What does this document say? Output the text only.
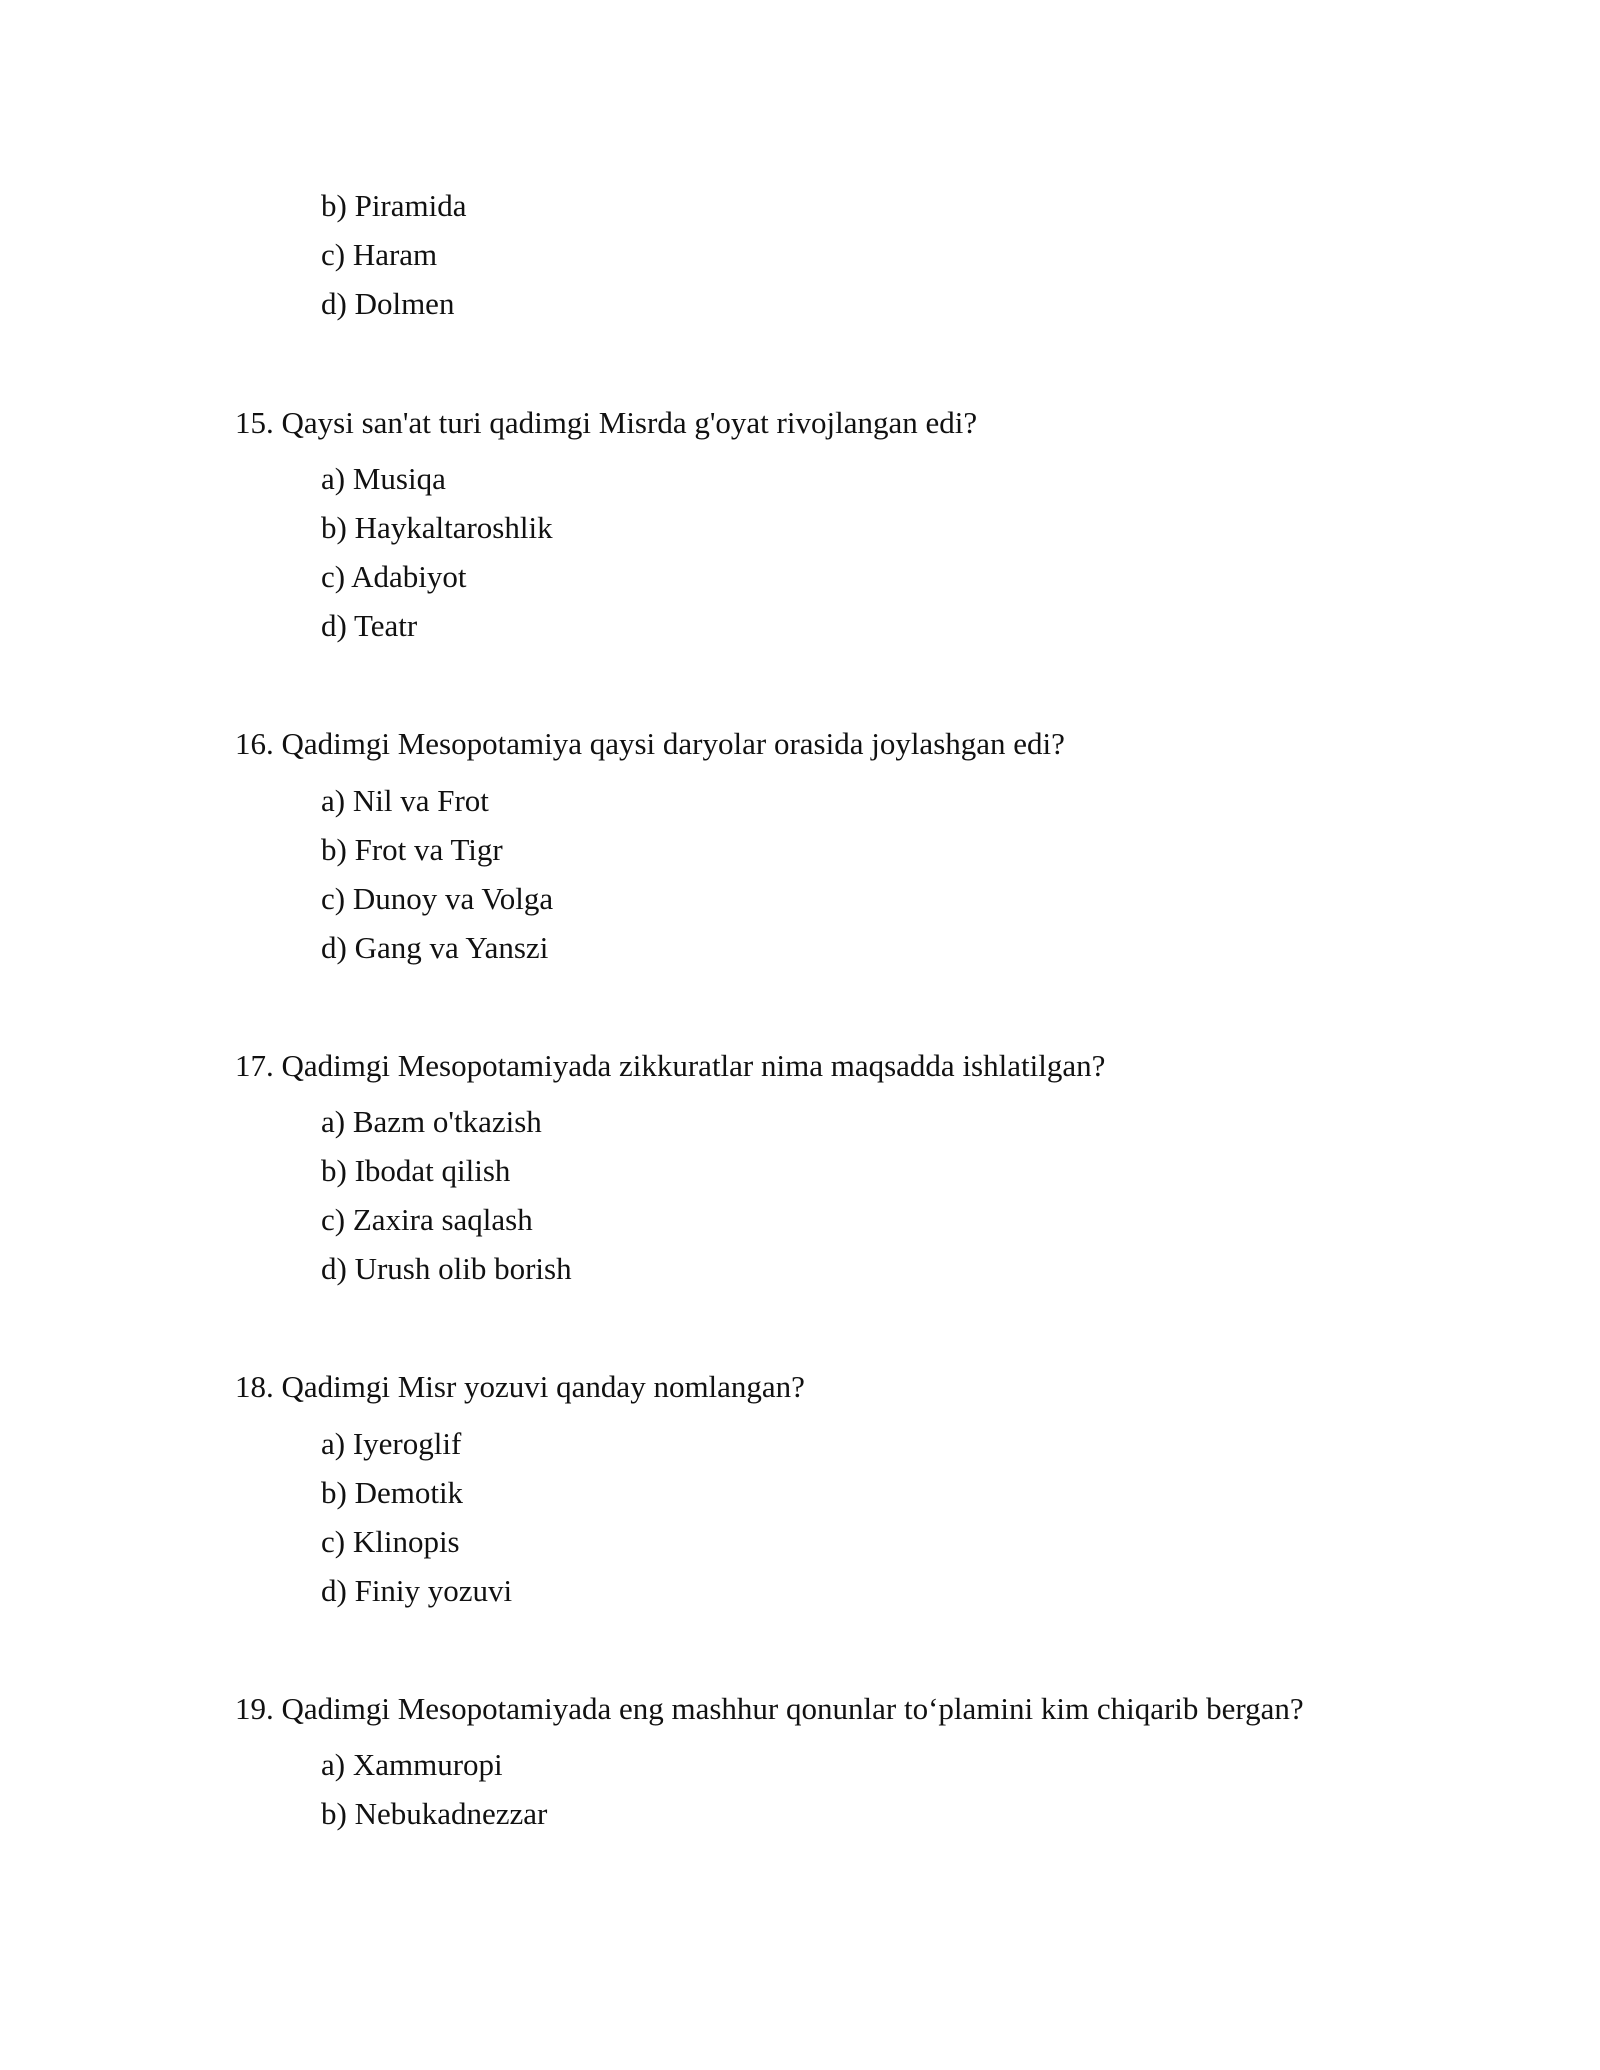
b) Piramida
c) Haram
d) Dolmen
15. Qaysi san'at turi qadimgi Misrda g'oyat rivojlangan edi?
a) Musiqa
b) Haykaltaroshlik
c) Adabiyot
d) Teatr
16. Qadimgi Mesopotamiya qaysi daryolar orasida joylashgan edi?
a) Nil va Frot
b) Frot va Tigr
c) Dunoy va Volga
d) Gang va Yanszi
17. Qadimgi Mesopotamiyada zikkuratlar nima maqsadda ishlatilgan?
a) Bazm o'tkazish
b) Ibodat qilish
c) Zaxira saqlash
d) Urush olib borish
18. Qadimgi Misr yozuvi qanday nomlangan?
a) Iyeroglif
b) Demotik
c) Klinopis
d) Finiy yozuvi
19. Qadimgi Mesopotamiyada eng mashhur qonunlar to‘plamini kim chiqarib bergan?
a) Xammuropi
b) Nebukadnezzar
